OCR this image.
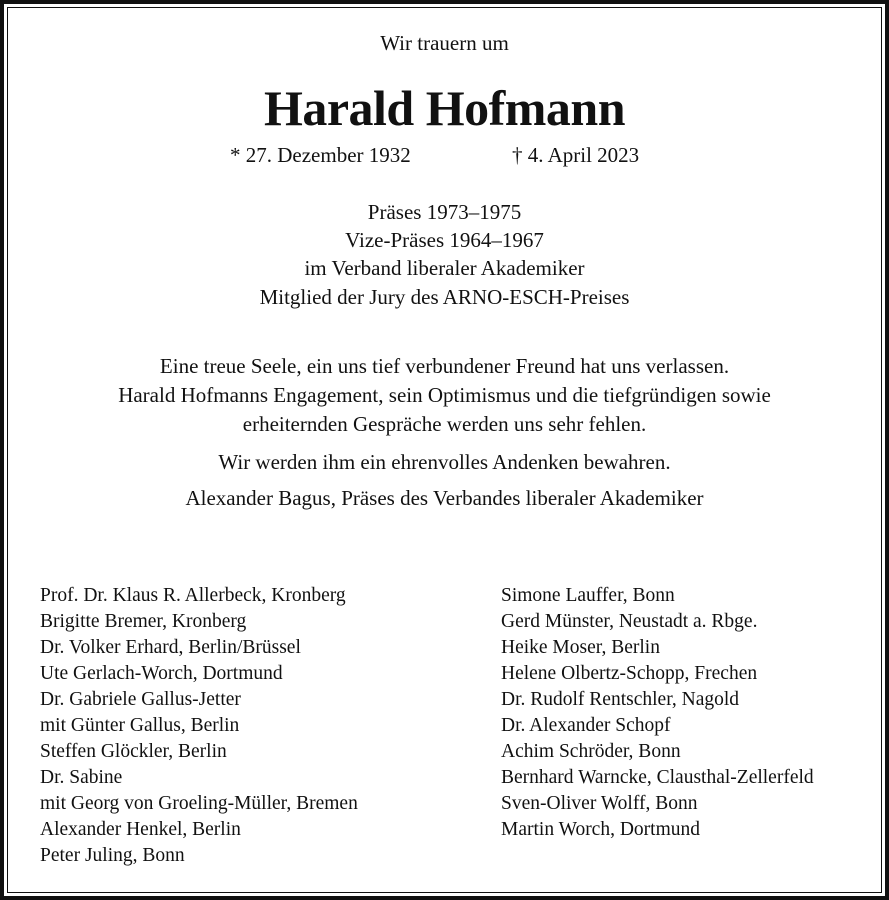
Wir trauern um
Harald Hofmann
* 27. Dezember 1932	† 4. April 2023
Präses 1973–1975
Vize-Präses 1964–1967
im Verband liberaler Akademiker
Mitglied der Jury des ARNO-ESCH-Preises
Eine treue Seele, ein uns tief verbundener Freund hat uns verlassen.
Harald Hofmanns Engagement, sein Optimismus und die tiefgründigen sowie
erheiternden Gespräche werden uns sehr fehlen.
Wir werden ihm ein ehrenvolles Andenken bewahren.
Alexander Bagus, Präses des Verbandes liberaler Akademiker
Prof. Dr. Klaus R. Allerbeck, Kronberg
Brigitte Bremer, Kronberg
Dr. Volker Erhard, Berlin/Brüssel
Ute Gerlach-Worch, Dortmund
Dr. Gabriele Gallus-Jetter
mit Günter Gallus, Berlin
Steffen Glöckler, Berlin
Dr. Sabine
mit Georg von Groeling-Müller, Bremen
Alexander Henkel, Berlin
Peter Juling, Bonn
Simone Lauffer, Bonn
Gerd Münster, Neustadt a. Rbge.
Heike Moser, Berlin
Helene Olbertz-Schopp, Frechen
Dr. Rudolf Rentschler, Nagold
Dr. Alexander Schopf
Achim Schröder, Bonn
Bernhard Warncke, Clausthal-Zellerfeld
Sven-Oliver Wolff, Bonn
Martin Worch, Dortmund
